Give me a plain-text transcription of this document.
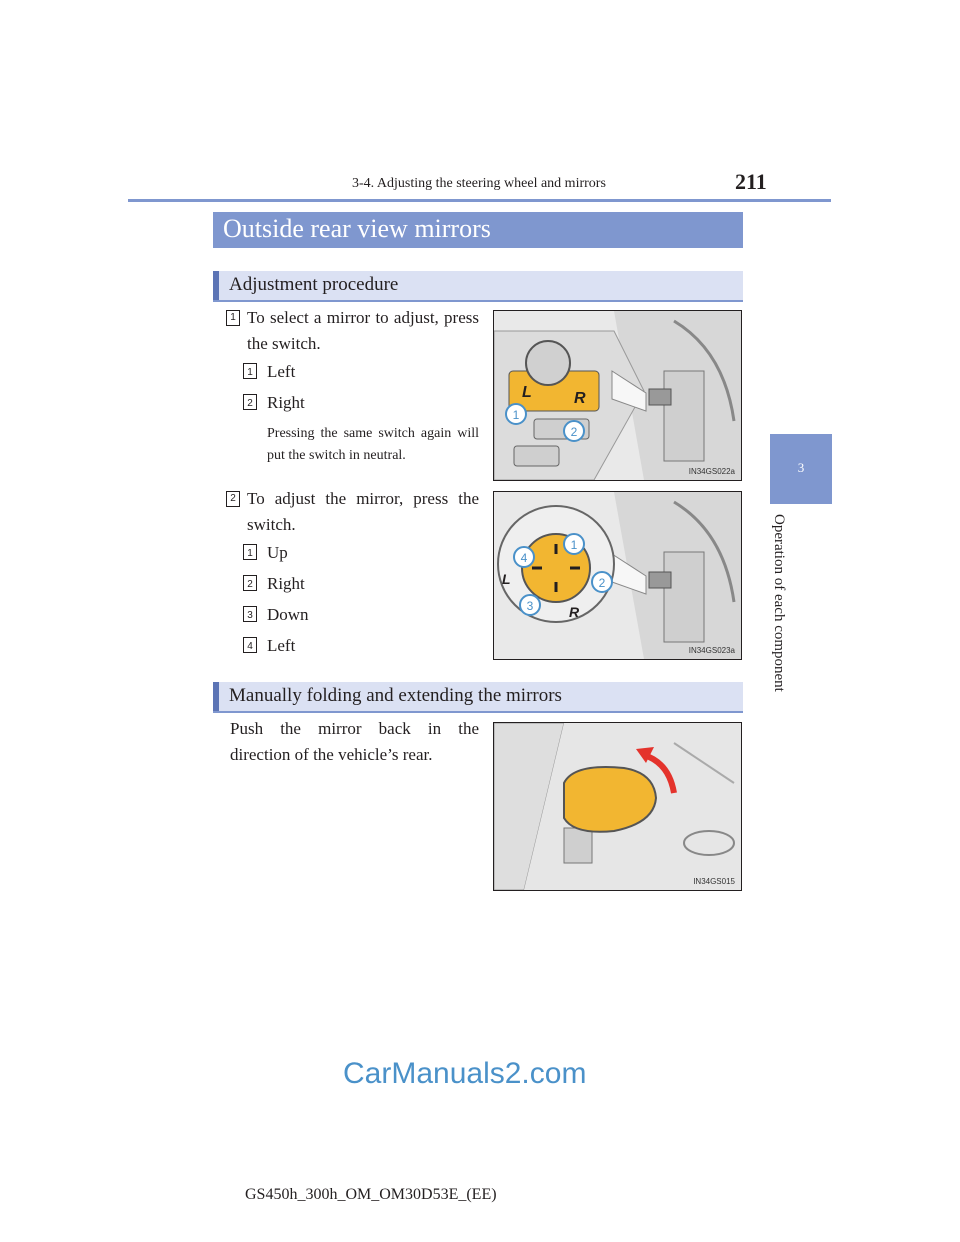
3-4. Adjusting the steering wheel and mirrors	211
3
Operation of each component
Outside rear view mirrors
Adjustment procedure
1 To select a mirror to adjust, press the switch.
1 Left
2 Right
Pressing the same switch again will put the switch in neutral.
L	R
1
2
IN34GS022a
2 To adjust the mirror, press the switch.
1 Up
2 Right
3 Down
4 Left
L
R
1
2
3
4
IN34GS023a
Manually folding and extending the mirrors
Push the mirror back in the direction of the vehicle’s rear.
IN34GS015
CarManuals2.com
GS450h_300h_OM_OM30D53E_(EE)
